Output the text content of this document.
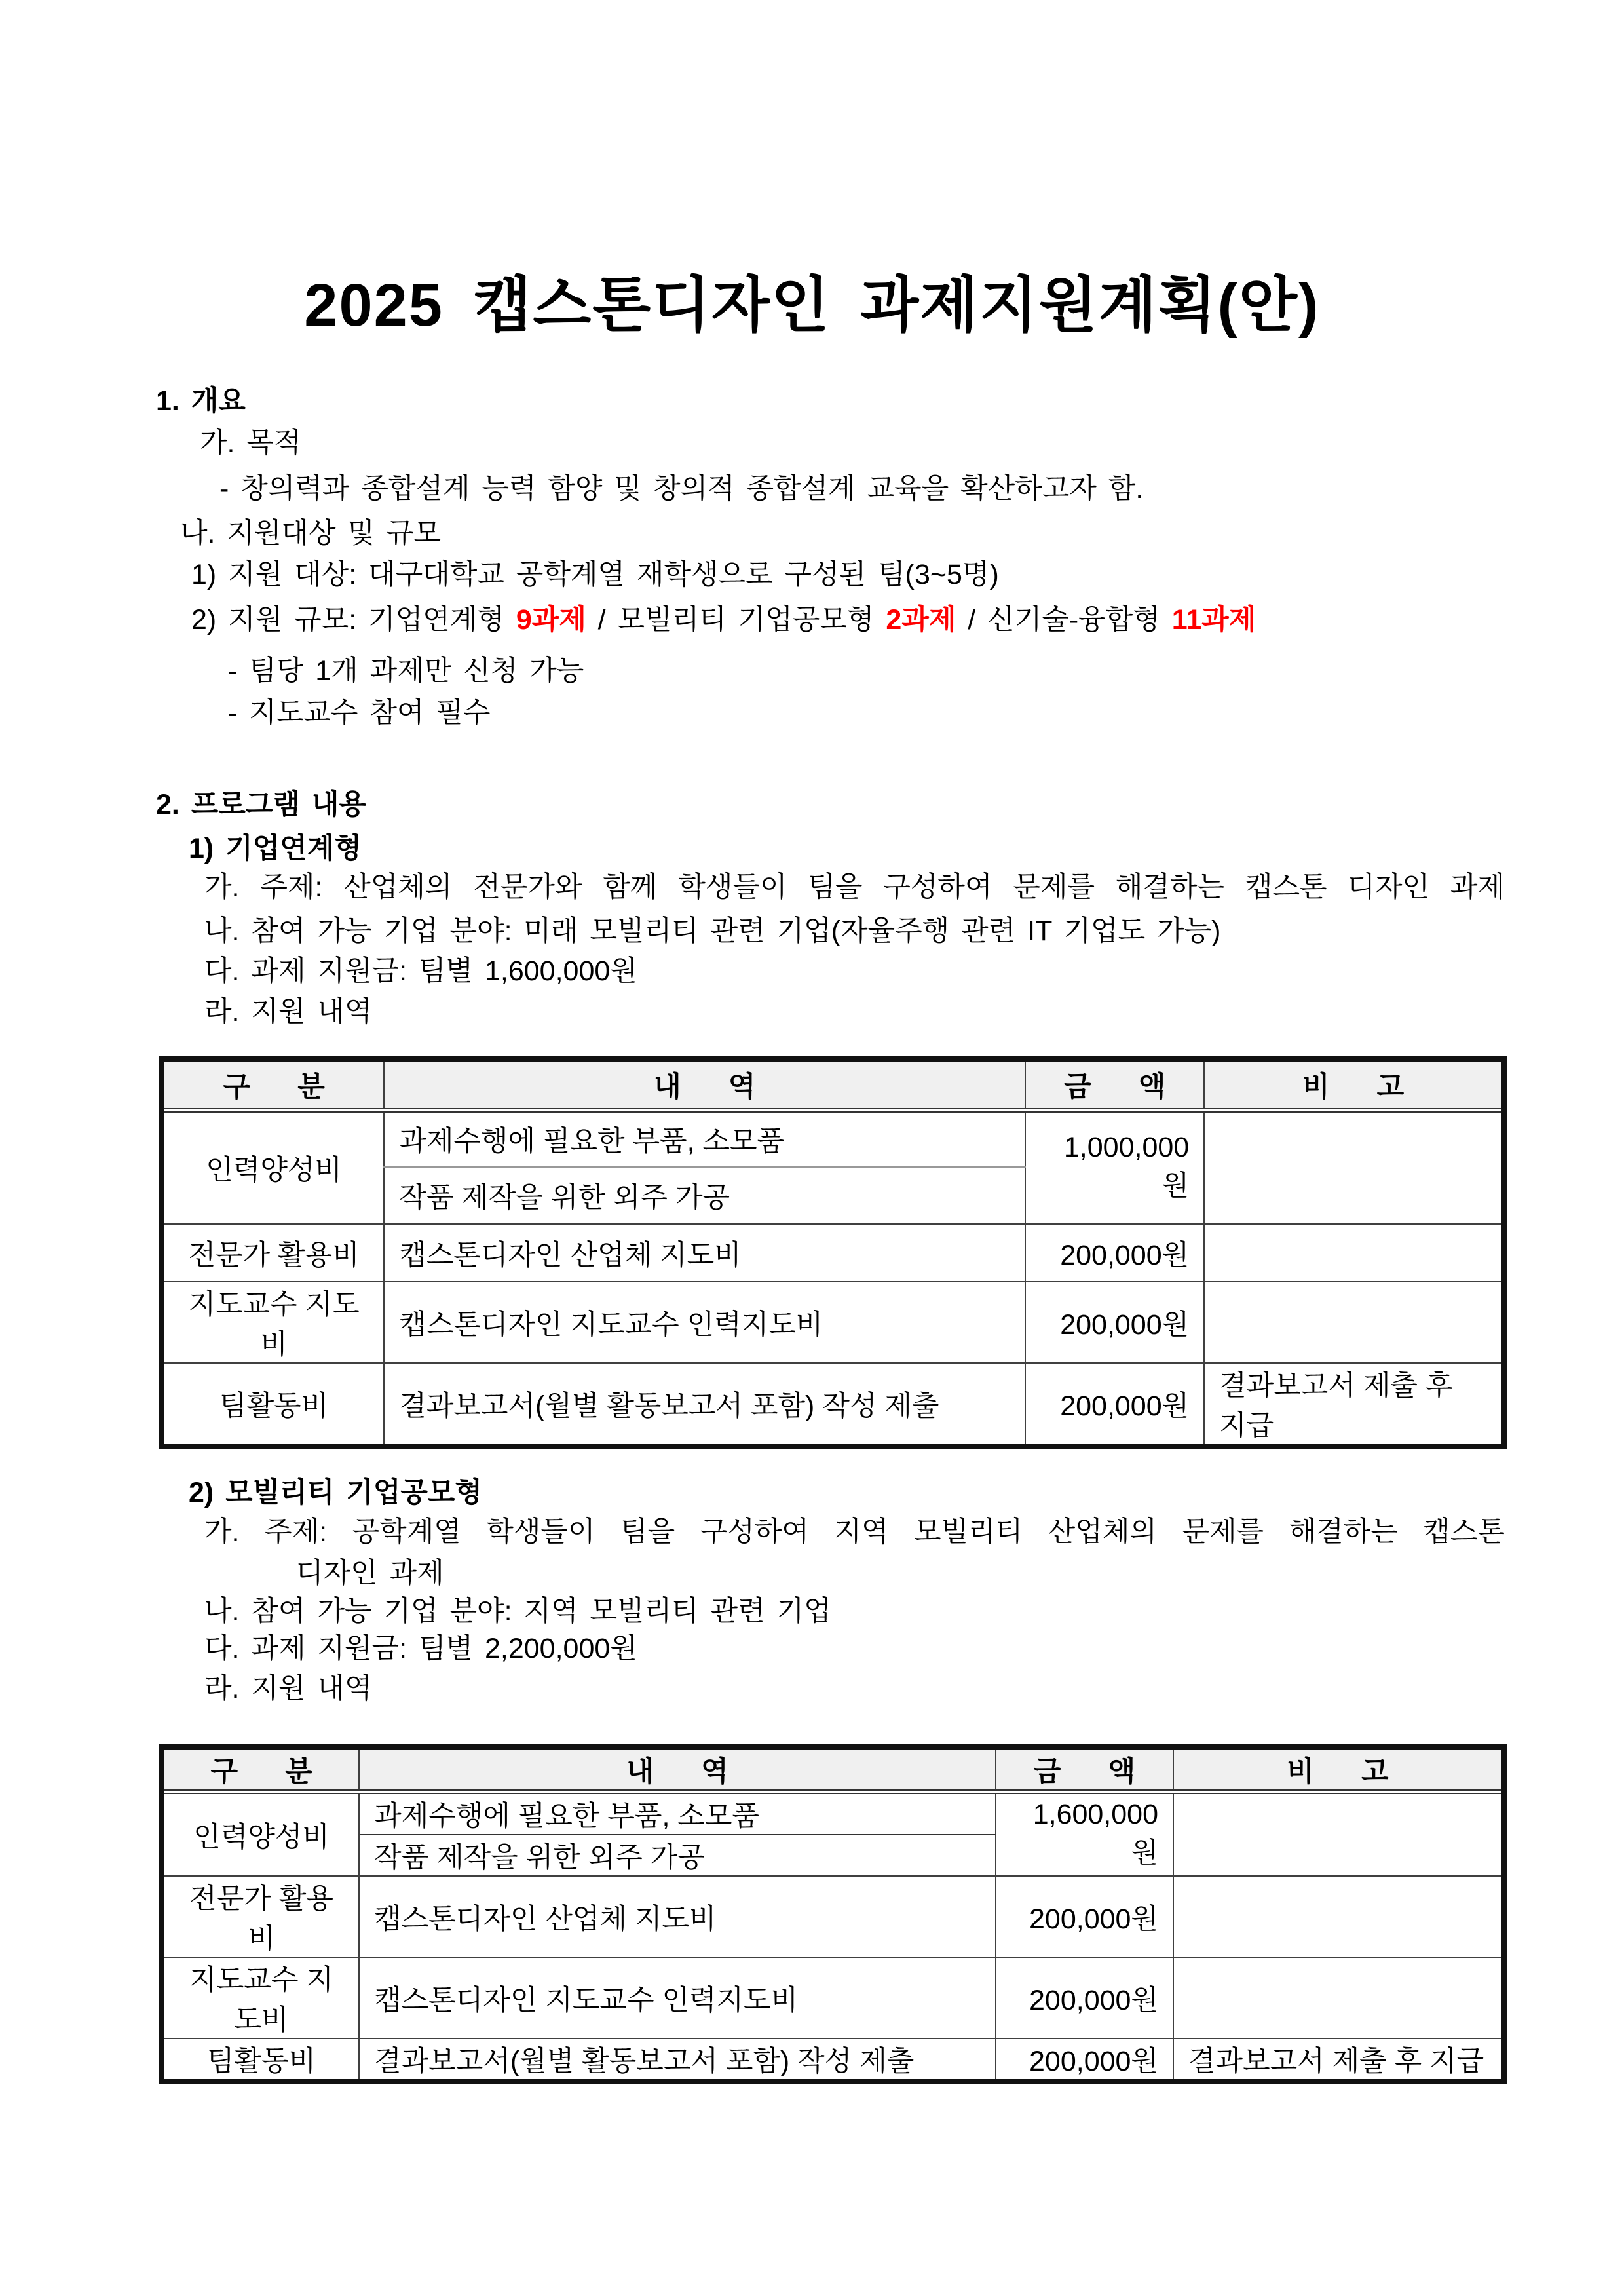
2025 캡스톤디자인 과제지원계획(안)
1. 개요
가. 목적
- 창의력과 종합설계 능력 함양 및 창의적 종합설계 교육을 확산하고자 함.
나. 지원대상 및 규모
1) 지원 대상: 대구대학교 공학계열 재학생으로 구성된 팀(3~5명)
2) 지원 규모: 기업연계형 9과제 / 모빌리티 기업공모형 2과제 / 신기술-융합형 11과제
- 팀당 1개 과제만 신청 가능
- 지도교수 참여 필수
2. 프로그램 내용
1) 기업연계형
가. 주제: 산업체의 전문가와 함께 학생들이 팀을 구성하여 문제를 해결하는 캡스톤 디자인 과제
나. 참여 가능 기업 분야: 미래 모빌리티 관련 기업(자율주행 관련 IT 기업도 가능)
다. 과제 지원금: 팀별 1,600,000원
라. 지원 내역
구 분	내 역	금 액	비 고
인력양성비	과제수행에 필요한 부품, 소모품	1,000,000원	
	작품 제작을 위한 외주 가공		
전문가 활용비	캡스톤디자인 산업체 지도비	200,000원	
지도교수 지도비	캡스톤디자인 지도교수 인력지도비	200,000원	
팀활동비	결과보고서(월별 활동보고서 포함) 작성 제출	200,000원	결과보고서 제출 후 지급
2) 모빌리티 기업공모형
가. 주제: 공학계열 학생들이 팀을 구성하여 지역 모빌리티 산업체의 문제를 해결하는 캡스톤
디자인 과제
나. 참여 가능 기업 분야: 지역 모빌리티 관련 기업
다. 과제 지원금: 팀별 2,200,000원
라. 지원 내역
구 분	내 역	금 액	비 고
인력양성비	과제수행에 필요한 부품, 소모품	1,600,000원	
	작품 제작을 위한 외주 가공		
전문가 활용비	캡스톤디자인 산업체 지도비	200,000원	
지도교수 지도비	캡스톤디자인 지도교수 인력지도비	200,000원	
팀활동비	결과보고서(월별 활동보고서 포함) 작성 제출	200,000원	결과보고서 제출 후 지급
